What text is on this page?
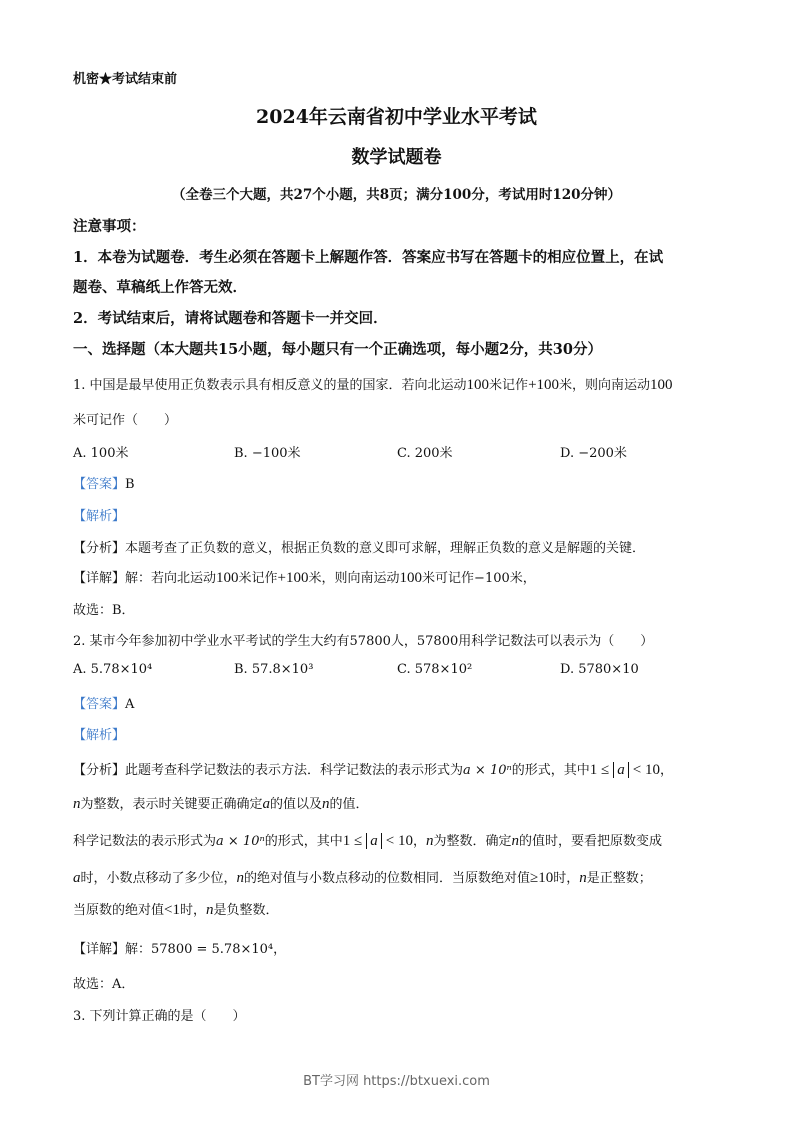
机密★考试结束前
2024年云南省初中学业水平考试
数学试题卷
（全卷三个大题，共27个小题，共8页；满分100分，考试用时120分钟）
注意事项：
1．本卷为试题卷．考生必须在答题卡上解题作答．答案应书写在答题卡的相应位置上，在试
题卷、草稿纸上作答无效．
2．考试结束后，请将试题卷和答题卡一并交回．
一、选择题（本大题共15小题，每小题只有一个正确选项，每小题2分，共30分）
1. 中国是最早使用正负数表示具有相反意义的量的国家．若向北运动100米记作+100米，则向南运动100
米可记作（　　）
A. 100米	B. −100米	C. 200米	D. −200米
【答案】B
【解析】
【分析】本题考查了正负数的意义，根据正负数的意义即可求解，理解正负数的意义是解题的关键．
【详解】解：若向北运动100米记作+100米，则向南运动100米可记作−100米，
故选：B．
2. 某市今年参加初中学业水平考试的学生大约有57800人，57800用科学记数法可以表示为（　　）
A. 5.78×10⁴	B. 57.8×10³	C. 578×10²	D. 5780×10
【答案】A
【解析】
【分析】此题考查科学记数法的表示方法．科学记数法的表示形式为a × 10ⁿ的形式，其中1 ≤ a < 10，
n为整数，表示时关键要正确确定a的值以及n的值．
科学记数法的表示形式为a × 10ⁿ的形式，其中1 ≤ a < 10，n为整数．确定n的值时，要看把原数变成
a时，小数点移动了多少位，n的绝对值与小数点移动的位数相同．当原数绝对值≥10时，n是正整数；
当原数的绝对值<1时，n是负整数．
【详解】解：57800 = 5.78×10⁴，
故选：A．
3. 下列计算正确的是（　　）
BT学习网 https://btxuexi.com
